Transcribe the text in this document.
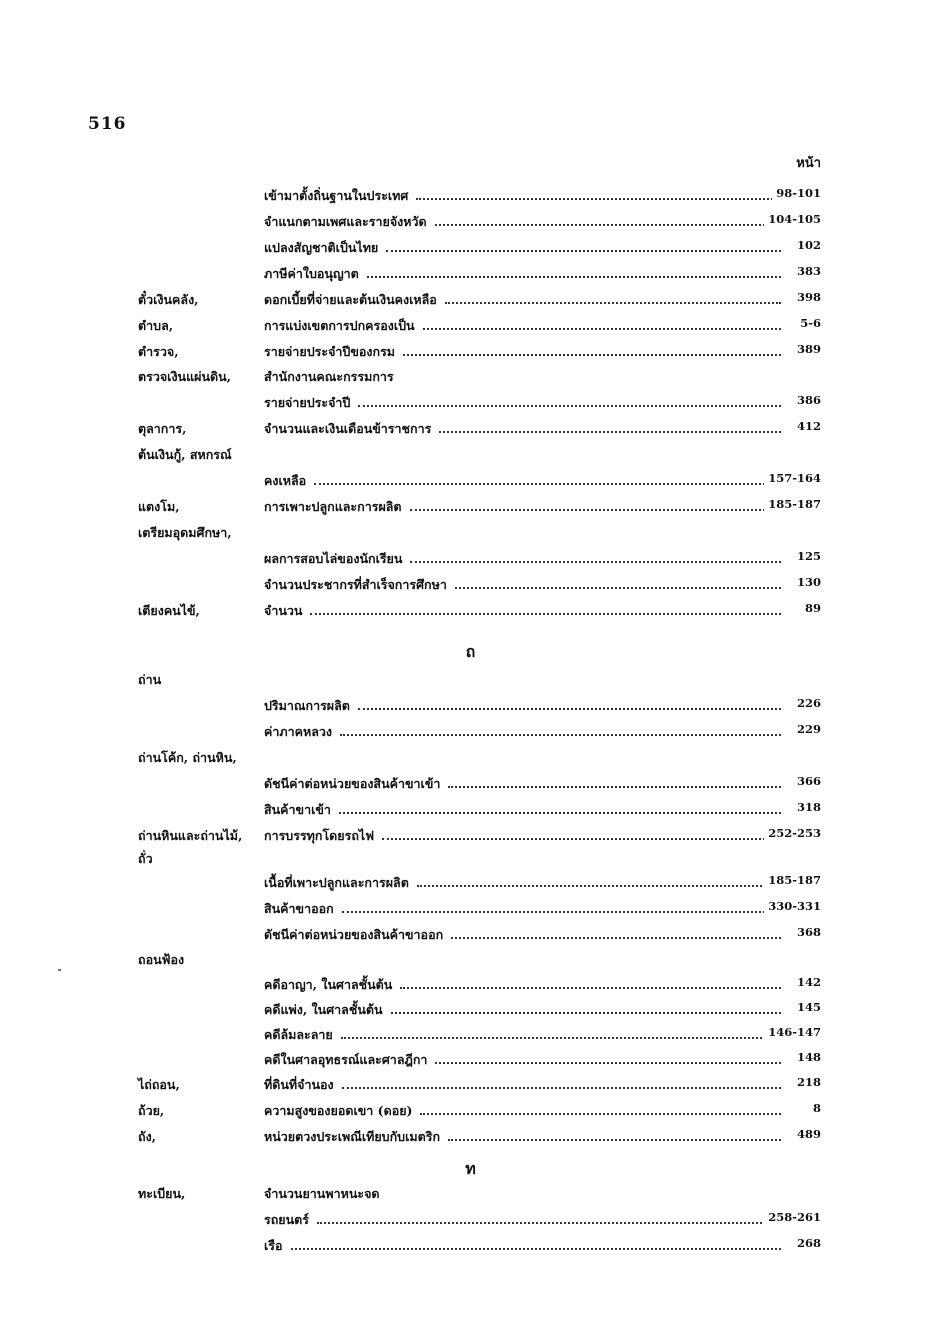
516
หน้า
เข้ามาตั้งถิ่นฐานในประเทศ	98-101
จำแนกตามเพศและรายจังหวัด	104-105
แปลงสัญชาติเป็นไทย	102
ภาษีค่าใบอนุญาต	383
ตั๋วเงินคลัง,	ดอกเบี้ยที่จ่ายและต้นเงินคงเหลือ	398
ตำบล,	การแบ่งเขตการปกครองเป็น	5-6
ตำรวจ,	รายจ่ายประจำปีของกรม	389
ตรวจเงินแผ่นดิน,	สำนักงานคณะกรรมการ
รายจ่ายประจำปี	386
ตุลาการ,	จำนวนและเงินเดือนข้าราชการ	412
ต้นเงินกู้, สหกรณ์
คงเหลือ	157-164
แตงโม,	การเพาะปลูกและการผลิต	185-187
เตรียมอุดมศึกษา,
ผลการสอบไล่ของนักเรียน	125
จำนวนประชากรที่สำเร็จการศึกษา	130
เตียงคนไข้,	จำนวน	89
ถ่าน
ปริมาณการผลิต	226
ค่าภาคหลวง	229
ถ่านโค้ก, ถ่านหิน,
ดัชนีค่าต่อหน่วยของสินค้าขาเข้า	366
สินค้าขาเข้า	318
ถ่านหินและถ่านไม้, การบรรทุกโดยรถไฟ	252-253
ถั่ว
เนื้อที่เพาะปลูกและการผลิต	185-187
สินค้าขาออก	330-331
ดัชนีค่าต่อหน่วยของสินค้าขาออก	368
ถอนฟ้อง
คดีอาญา, ในศาลชั้นต้น	142
คดีแพ่ง, ในศาลชั้นต้น	145
คดีล้มละลาย	146-147
คดีในศาลอุทธรณ์และศาลฎีกา	148
ไถ่ถอน,	ที่ดินที่จำนอง	218
ถ้วย,	ความสูงของยอดเขา (ดอย)	8
ถัง,	หน่วยตวงประเพณีเทียบกับเมตริก	489
ทะเบียน,	จำนวนยานพาหนะจด
รถยนตร์	258-261
เรือ	268
ถ
ท
